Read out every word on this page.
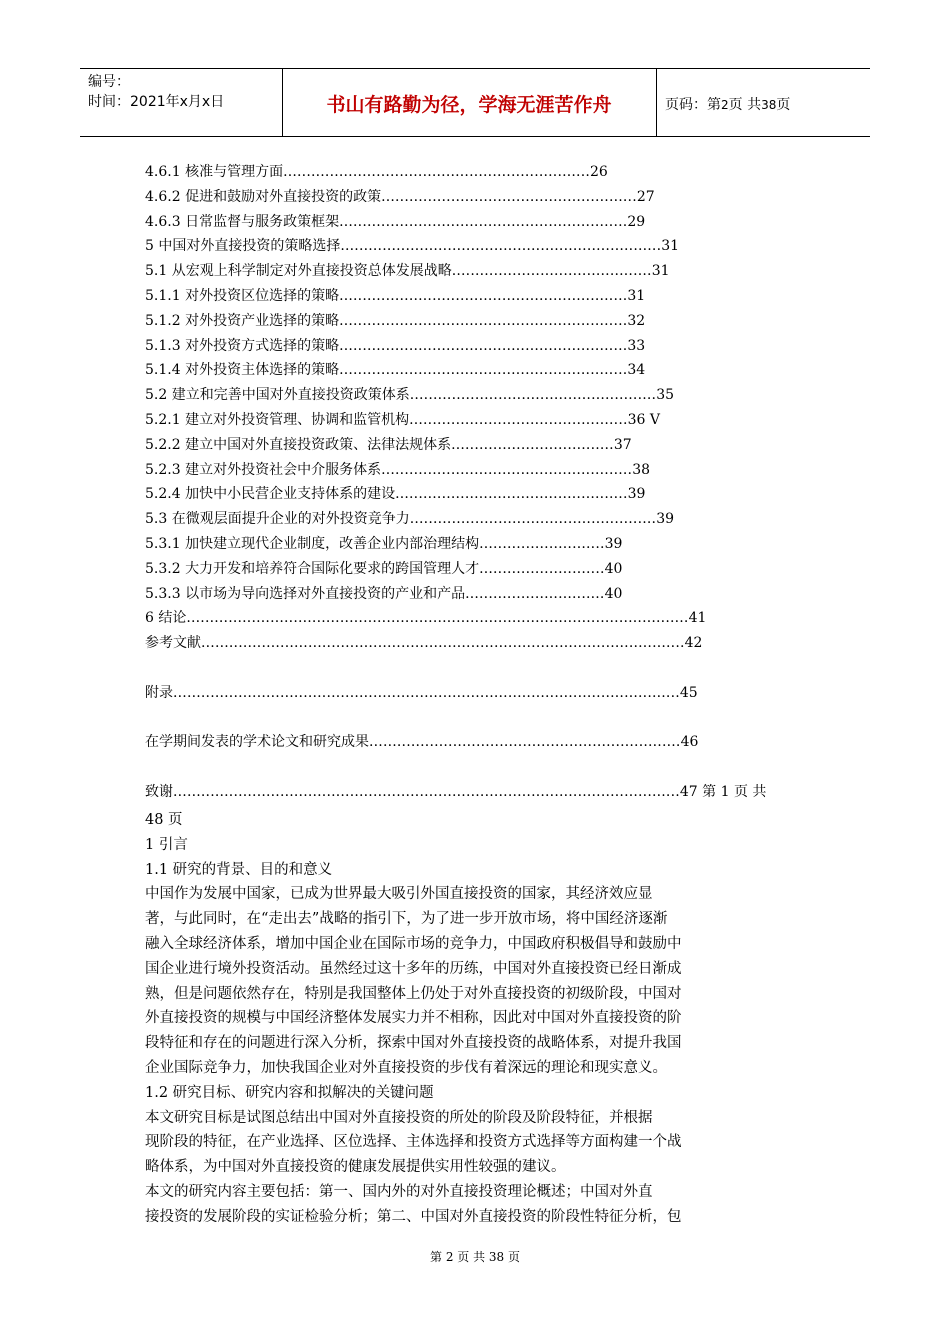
编号：
时间：2021年x月x日	书山有路勤为径，学海无涯苦作舟	页码：第2页 共38页
4.6.1 核准与管理方面 .................................................................. 26
4.6.2 促进和鼓励对外直接投资的政策 ....................................................... 27
4.6.3 日常监督与服务政策框架 .............................................................. 29
5 中国对外直接投资的策略选择 ..................................................................... 31
5.1 从宏观上科学制定对外直接投资总体发展战略 ........................................... 31
5.1.1 对外投资区位选择的策略 .............................................................. 31
5.1.2 对外投资产业选择的策略 .............................................................. 32
5.1.3 对外投资方式选择的策略 .............................................................. 33
5.1.4 对外投资主体选择的策略 .............................................................. 34
5.2 建立和完善中国对外直接投资政策体系 ..................................................... 35
5.2.1 建立对外投资管理、协调和监管机构 ............................................... 36 V
5.2.2 建立中国对外直接投资政策、法律法规体系 ................................... 37
5.2.3 建立对外投资社会中介服务体系 ...................................................... 38
5.2.4 加快中小民营企业支持体系的建设 .................................................. 39
5.3 在微观层面提升企业的对外投资竞争力 ..................................................... 39
5.3.1 加快建立现代企业制度，改善企业内部治理结构 ........................... 39
5.3.2 大力开发和培养符合国际化要求的跨国管理人才 ........................... 40
5.3.3 以市场为导向选择对外直接投资的产业和产品 .............................. 40
6 结论 ............................................................................................................ 41
参考文献 ........................................................................................................ 42
附录 ............................................................................................................. 45
在学期间发表的学术论文和研究成果 ................................................................... 46
致谢 ............................................................................................................. 47 第 1 页 共

48 页

1 引言

1.1 研究的背景、目的和意义

中国作为发展中国家，已成为世界最大吸引外国直接投资的国家，其经济效应显

著，与此同时，在“走出去”战略的指引下，为了进一步开放市场，将中国经济逐渐

融入全球经济体系，增加中国企业在国际市场的竞争力，中国政府积极倡导和鼓励中

国企业进行境外投资活动。虽然经过这十多年的历练，中国对外直接投资已经日渐成

熟，但是问题依然存在，特别是我国整体上仍处于对外直接投资的初级阶段，中国对

外直接投资的规模与中国经济整体发展实力并不相称，因此对中国对外直接投资的阶

段特征和存在的问题进行深入分析，探索中国对外直接投资的战略体系，对提升我国

企业国际竞争力，加快我国企业对外直接投资的步伐有着深远的理论和现实意义。

1.2 研究目标、研究内容和拟解决的关键问题

本文研究目标是试图总结出中国对外直接投资的所处的阶段及阶段特征，并根据

现阶段的特征，在产业选择、区位选择、主体选择和投资方式选择等方面构建一个战

略体系，为中国对外直接投资的健康发展提供实用性较强的建议。

本文的研究内容主要包括：第一、国内外的对外直接投资理论概述；中国对外直

接投资的发展阶段的实证检验分析；第二、中国对外直接投资的阶段性特征分析，包

第 2 页 共 38 页
